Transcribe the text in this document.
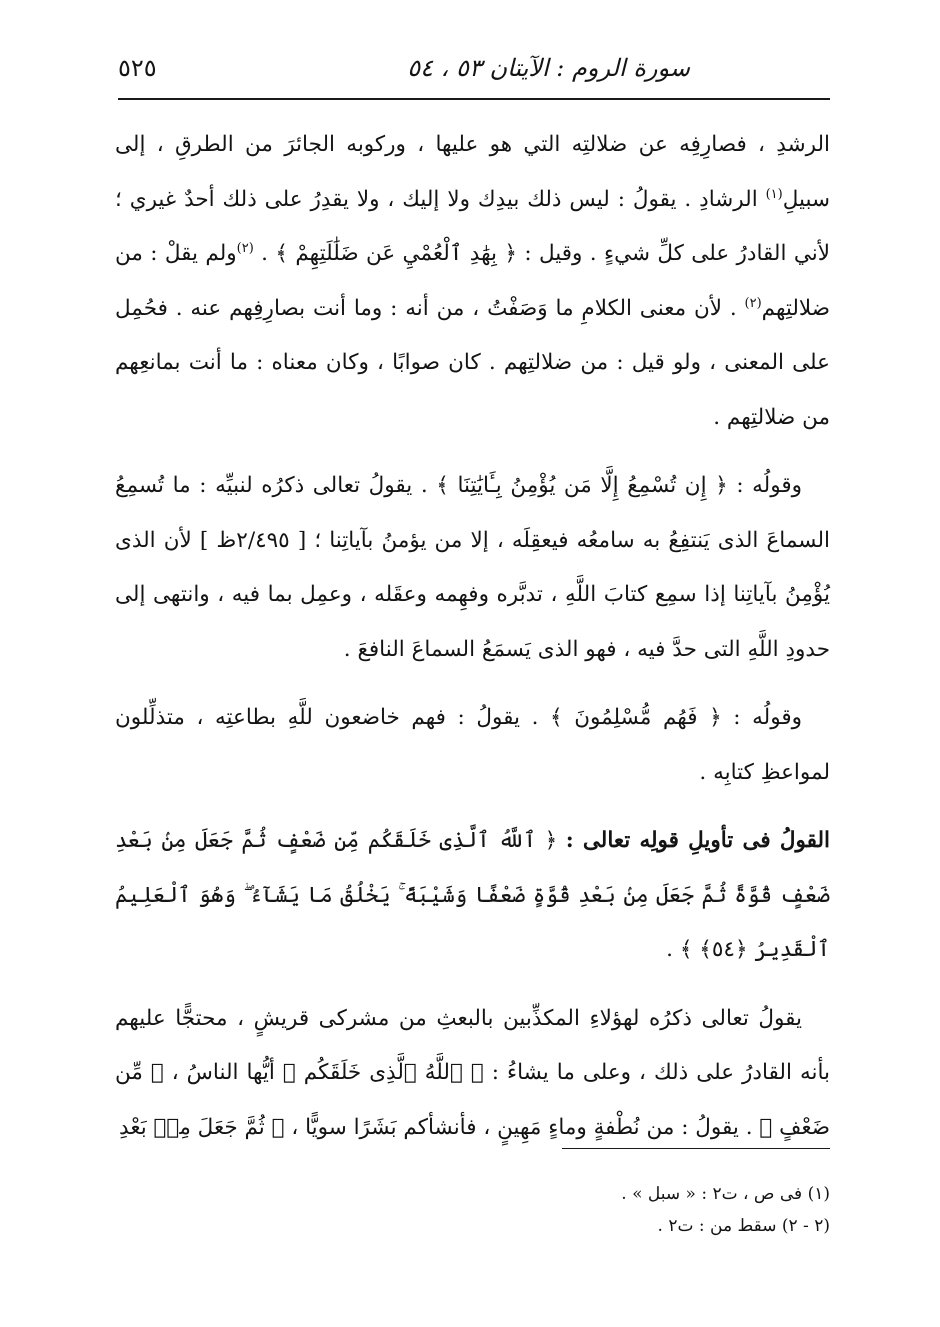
سورة الروم : الآيتان ٥٣ ، ٥٤
٥٢٥

الرشدِ ، فصارِفِه عن ضلالتِه التي هو عليها ، وركوبه الجائرَ من الطرقِ ، إلى سبيلِ$^{(١)}$ الرشادِ . يقولُ : ليس ذلك بيدِك ولا إليك ، ولا يقدِرُ على ذلك أحدٌ غيري ؛ لأني القادرُ على كلِّ شيءٍ . وقيل : ﴿ بِهَٰدِ ٱلْعُمْيِ عَن ضَلَٰلَتِهِمْ ﴾ . $^{(٢)}$ولم يقلْ : من ضلالتِهم$^{(٢)}$ . لأن معنى الكلامِ ما وَصَفْتُ ، من أنه : وما أنت بصارِفِهم عنه . فحُمِل على المعنى ، ولو قيل : من ضلالتِهم . كان صوابًا ، وكان معناه : ما أنت بمانعِهم من ضلالتِهم .

وقولُه : ﴿ إِن تُسْمِعُ إِلَّا مَن يُؤْمِنُ بِـَٔايَٰتِنَا ﴾ . يقولُ تعالى ذكرُه لنبيِّه : ما تُسمِعُ السماعَ الذى يَنتفِعُ به سامعُه فيعقِلَه ، إلا من يؤمنُ بآياتِنا ؛ [ ٢/٤٩٥ظ ] لأن الذى يُؤْمِنُ بآياتِنا إذا سمِع كتابَ اللَّهِ ، تدبَّره وفهِمه وعقَله ، وعمِل بما فيه ، وانتهى إلى حدودِ اللَّهِ التى حدَّ فيه ، فهو الذى يَسمَعُ السماعَ النافعَ .

وقولُه : ﴿ فَهُم مُّسْلِمُونَ ﴾ . يقولُ : فهم خاضعون للَّهِ بطاعتِه ، متذلِّلون لمواعظِ كتابِه .

القولُ فى تأويلِ قولِه تعالى : ﴿ ٱللَّهُ ٱلَّذِى خَلَقَكُم مِّن ضَعْفٍ ثُمَّ جَعَلَ مِنۢ بَعْدِ ضَعْفٍ قُوَّةً ثُمَّ جَعَلَ مِنۢ بَعْدِ قُوَّةٍ ضَعْفًا وَشَيْبَةً ۚ يَخْلُقُ مَا يَشَآءُ ۖ وَهُوَ ٱلْعَلِيمُ ٱلْقَدِيرُ ﴿٥٤﴾ ﴾ .

يقولُ تعالى ذكرُه لهؤلاءِ المكذِّبين بالبعثِ من مشركى قريشٍ ، محتجًّا عليهم بأنه القادرُ على ذلك ، وعلى ما يشاءُ : ﴿ ٱللَّهُ ٱلَّذِى خَلَقَكُم ﴾ أيُّها الناسُ ، ﴿ مِّن ضَعْفٍ ﴾ . يقولُ : من نُطْفةٍ وماءٍ مَهِينٍ ، فأنشأكم بَشَرًا سويًّا ، ﴿ ثُمَّ جَعَلَ مِنۢ بَعْدِ

(١) فى ص ، ت٢ : « سبل » .
(٢ - ٢) سقط من : ت٢ .
